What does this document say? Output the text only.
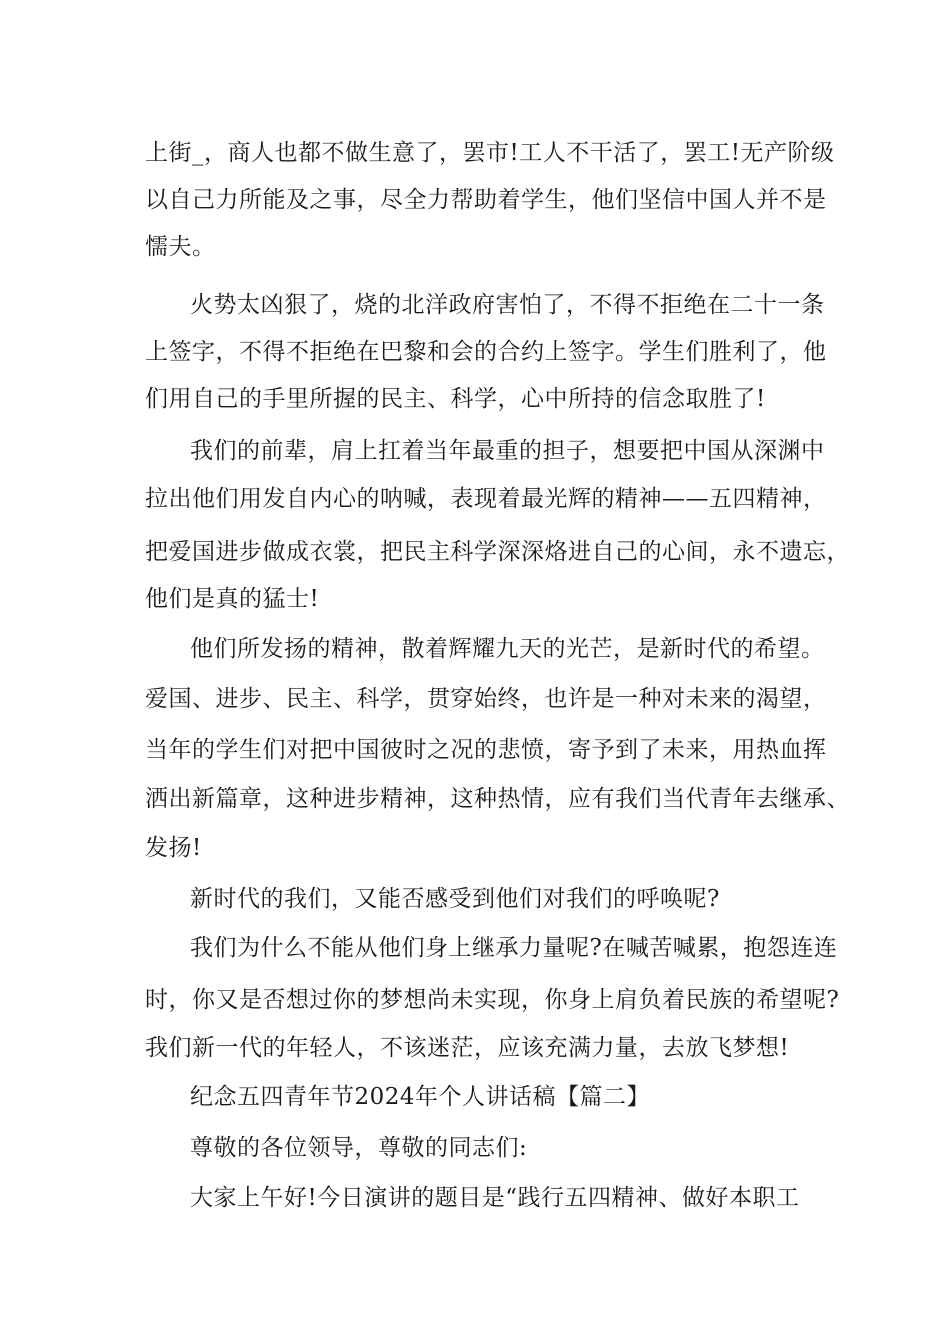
上街_，商人也都不做生意了，罢市!工人不干活了，罢工!无产阶级
以自己力所能及之事，尽全力帮助着学生，他们坚信中国人并不是
懦夫。
火势太凶狠了，烧的北洋政府害怕了，不得不拒绝在二十一条
上签字，不得不拒绝在巴黎和会的合约上签字。学生们胜利了，他
们用自己的手里所握的民主、科学，心中所持的信念取胜了!
我们的前辈，肩上扛着当年最重的担子，想要把中国从深渊中
拉出他们用发自内心的呐喊，表现着最光辉的精神——五四精神，
把爱国进步做成衣裳，把民主科学深深烙进自己的心间，永不遗忘，
他们是真的猛士!
他们所发扬的精神，散着辉耀九天的光芒，是新时代的希望。
爱国、进步、民主、科学，贯穿始终，也许是一种对未来的渴望，
当年的学生们对把中国彼时之况的悲愤，寄予到了未来，用热血挥
洒出新篇章，这种进步精神，这种热情，应有我们当代青年去继承、
发扬!
新时代的我们，又能否感受到他们对我们的呼唤呢?
我们为什么不能从他们身上继承力量呢?在喊苦喊累，抱怨连连
时，你又是否想过你的梦想尚未实现，你身上肩负着民族的希望呢?
我们新一代的年轻人，不该迷茫，应该充满力量，去放飞梦想!
纪念五四青年节2024年个人讲话稿【篇二】
尊敬的各位领导，尊敬的同志们:
大家上午好!今日演讲的题目是“践行五四精神、做好本职工
